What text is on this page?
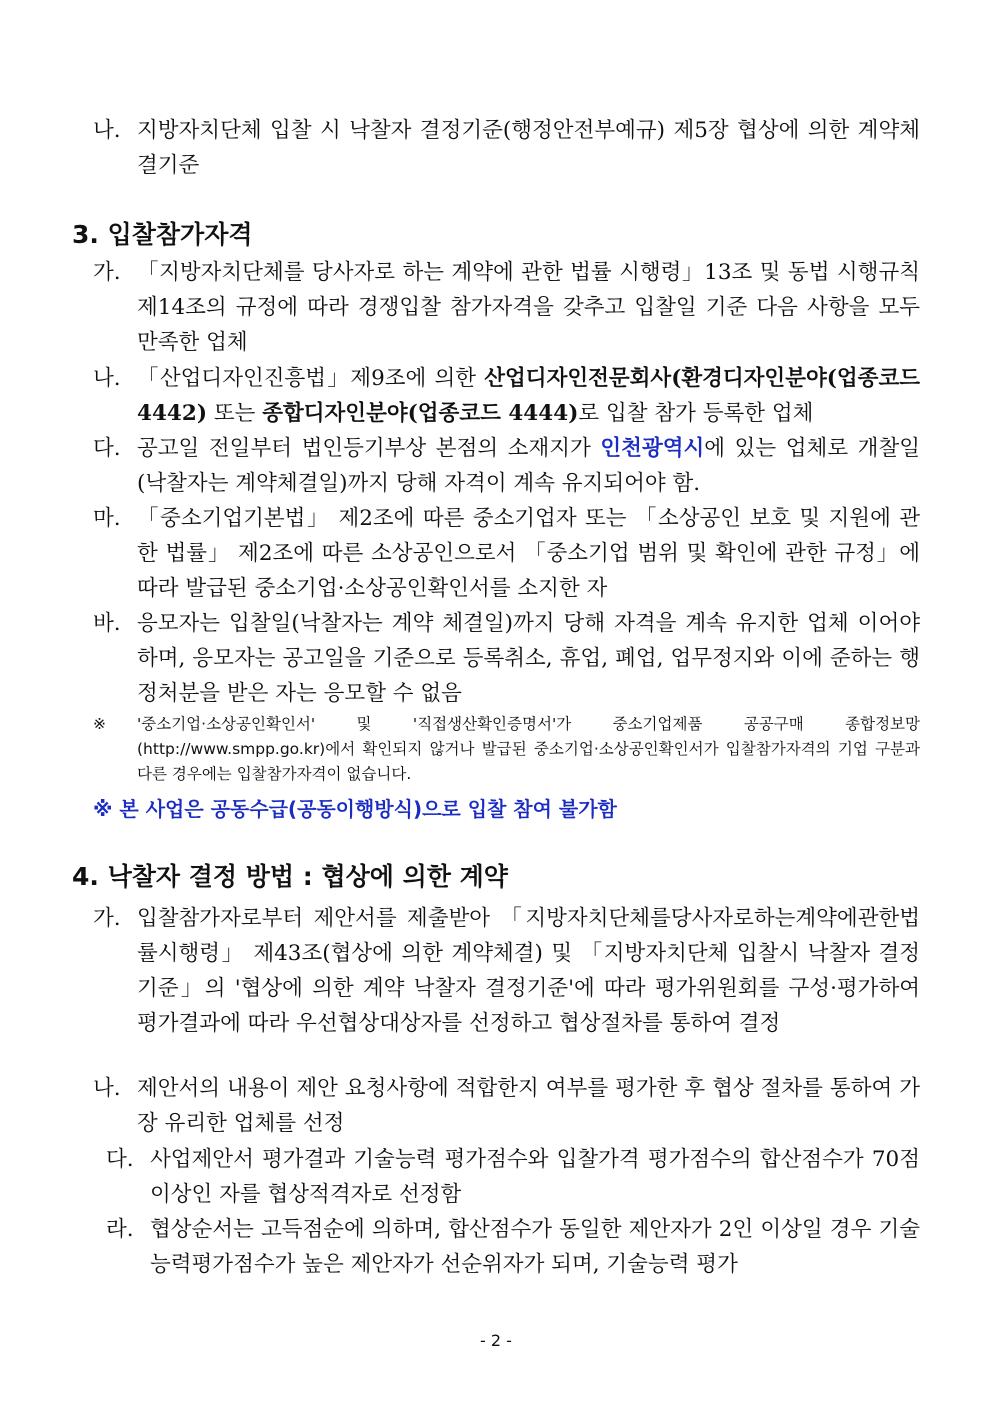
나. 지방자치단체 입찰 시 낙찰자 결정기준(행정안전부예규) 제5장 협상에 의한 계약체결기준
3. 입찰참가자격
가. 「지방자치단체를 당사자로 하는 계약에 관한 법률 시행령」13조 및 동법 시행규칙 제14조의 규정에 따라 경쟁입찰 참가자격을 갖추고 입찰일 기준 다음 사항을 모두 만족한 업체
나. 「산업디자인진흥법」제9조에 의한 산업디자인전문회사(환경디자인분야(업종코드 4442) 또는 종합디자인분야(업종코드 4444)로 입찰 참가 등록한 업체
다. 공고일 전일부터 법인등기부상 본점의 소재지가 인천광역시에 있는 업체로 개찰일(낙찰자는 계약체결일)까지 당해 자격이 계속 유지되어야 함.
마. 「중소기업기본법」 제2조에 따른 중소기업자 또는 「소상공인 보호 및 지원에 관한 법률」 제2조에 따른 소상공인으로서 「중소기업 범위 및 확인에 관한 규정」에 따라 발급된 중소기업·소상공인확인서를 소지한 자
바. 응모자는 입찰일(낙찰자는 계약 체결일)까지 당해 자격을 계속 유지한 업체 이어야 하며, 응모자는 공고일을 기준으로 등록취소, 휴업, 폐업, 업무정지와 이에 준하는 행정처분을 받은 자는 응모할 수 없음
※ '중소기업·소상공인확인서' 및 '직접생산확인증명서'가 중소기업제품 공공구매 종합정보망(http://www.smpp.go.kr)에서 확인되지 않거나 발급된 중소기업·소상공인확인서가 입찰참가자격의 기업 구분과 다른 경우에는 입찰참가자격이 없습니다.
※ 본 사업은 공동수급(공동이행방식)으로 입찰 참여 불가함
4. 낙찰자 결정 방법 : 협상에 의한 계약
가. 입찰참가자로부터 제안서를 제출받아 「지방자치단체를당사자로하는계약에관한법률시행령」 제43조(협상에 의한 계약체결) 및 「지방자치단체 입찰시 낙찰자 결정기준」의 '협상에 의한 계약 낙찰자 결정기준'에 따라 평가위원회를 구성·평가하여 평가결과에 따라 우선협상대상자를 선정하고 협상절차를 통하여 결정
나. 제안서의 내용이 제안 요청사항에 적합한지 여부를 평가한 후 협상 절차를 통하여 가장 유리한 업체를 선정
다. 사업제안서 평가결과 기술능력 평가점수와 입찰가격 평가점수의 합산점수가 70점 이상인 자를 협상적격자로 선정함
라. 협상순서는 고득점순에 의하며, 합산점수가 동일한 제안자가 2인 이상일 경우 기술능력평가점수가 높은 제안자가 선순위자가 되며, 기술능력 평가
- 2 -
